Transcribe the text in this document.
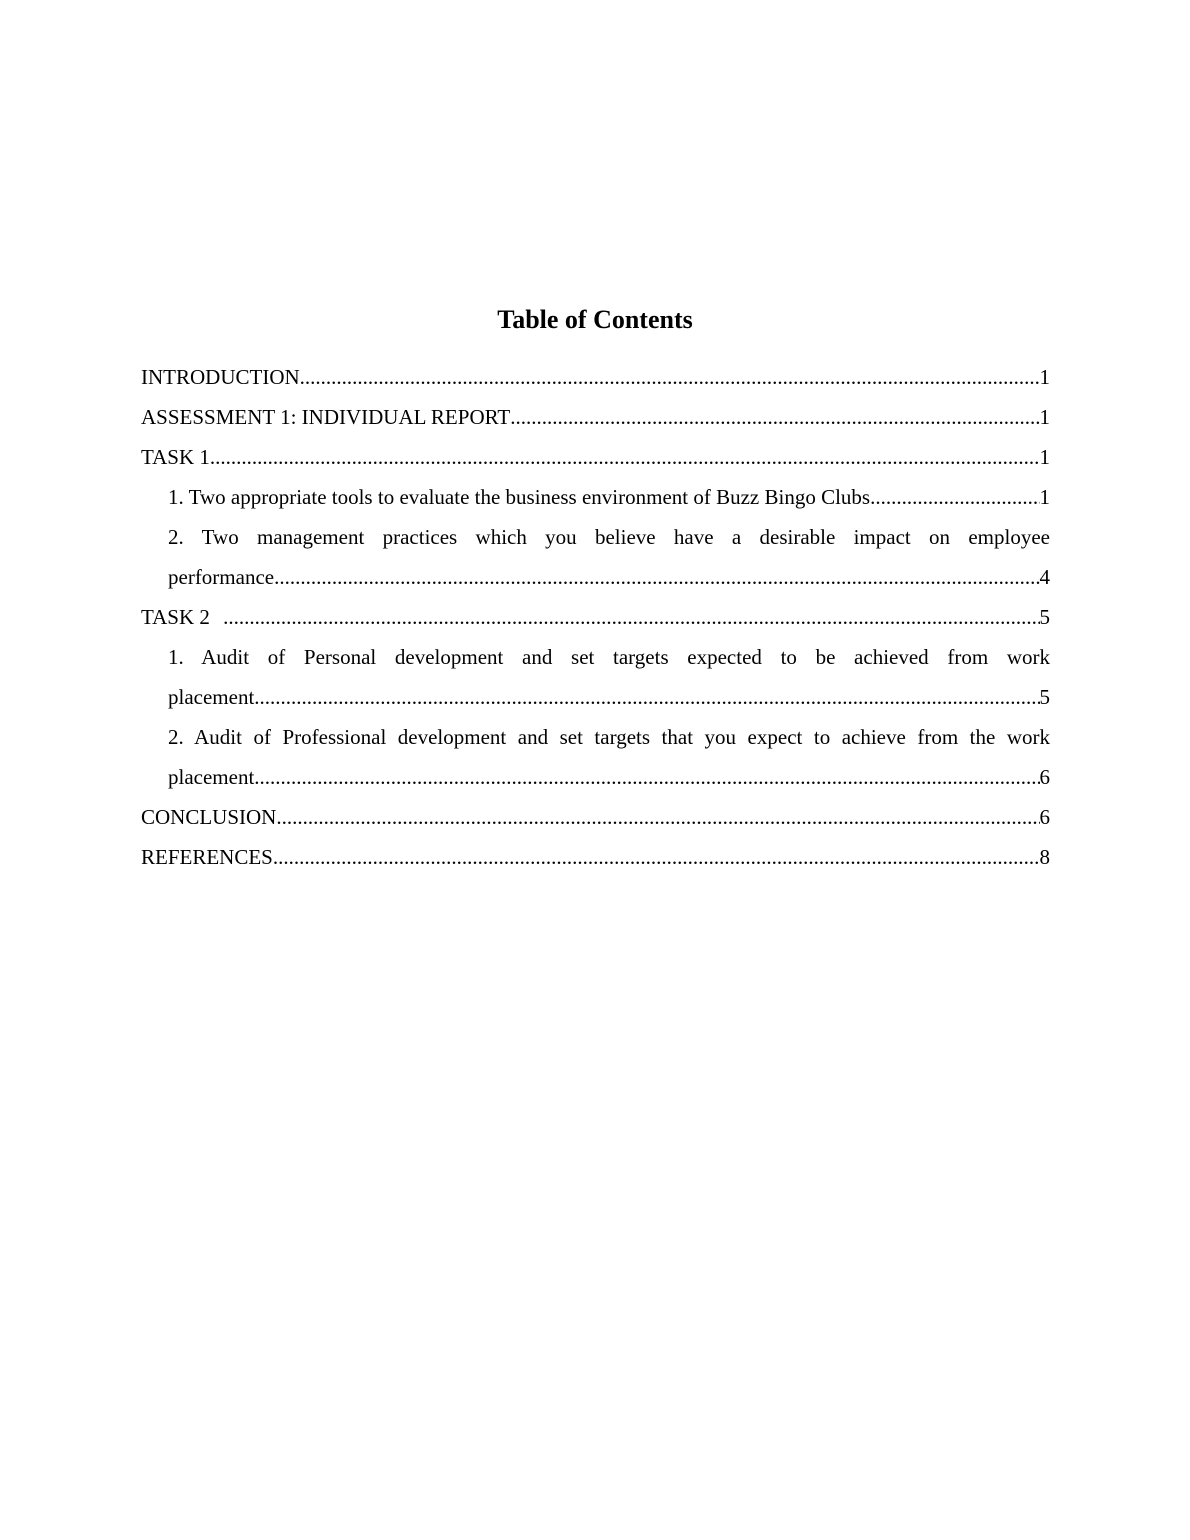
Table of Contents
INTRODUCTION .....	1
ASSESSMENT 1: INDIVIDUAL REPORT .....	1
TASK 1 .....	1
1. Two appropriate tools to evaluate the business environment of Buzz Bingo Clubs .....	1
2. Two management practices which you believe have a desirable impact on employee
performance .....	4
TASK 2 .....	5
1. Audit of Personal development and set targets expected to be achieved from work
placement .....	5
2. Audit of Professional development and set targets that you expect to achieve from the work
placement .....	6
CONCLUSION .....	6
REFERENCES .....	8
